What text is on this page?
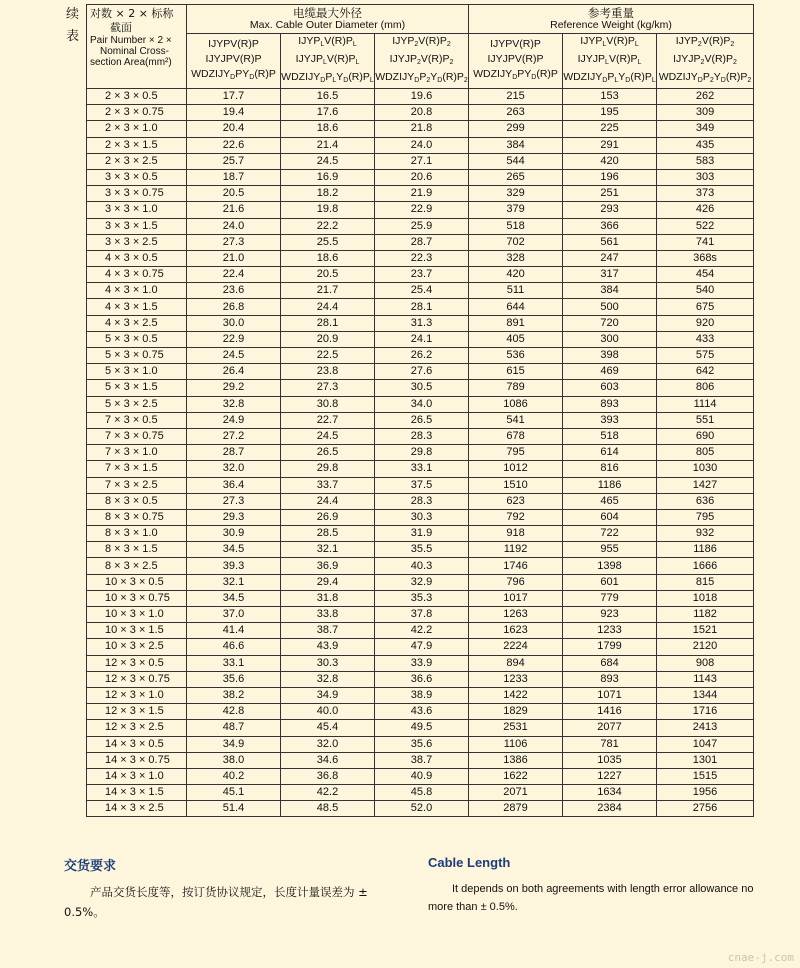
续
表
对数 × 2 × 标称
截面
Pair Number × 2 ×
Nominal Cross-
section Area(mm²)	电缆最大外径
Max. Cable Outer Diameter (mm)			参考重量
Reference Weight (kg/km)		

	IJYPV(R)P
IJYJPV(R)P
$WDZIJY_DPY_D(R)P$	$IJYP_LV(R)P_L$
$IJYJP_LV(R)P_L$
$WDZIJY_DP_LY_D(R)P_L$	$IJYP_2V(R)P_2$
$IJYJP_2V(R)P_2$
$WDZIJY_DP_2Y_D(R)P_2$	IJYPV(R)P
IJYJPV(R)P
$WDZIJY_DPY_D(R)P$	$IJYP_LV(R)P_L$
$IJYJP_LV(R)P_L$
$WDZIJY_DP_LY_D(R)P_L$	$IJYP_2V(R)P_2$
$IJYJP_2V(R)P_2$
$WDZIJY_DP_2Y_D(R)P_2$

2 × 3 × 0.5	17.7	16.5	19.6	215	153	262
2 × 3 × 0.75	19.4	17.6	20.8	263	195	309
2 × 3 × 1.0	20.4	18.6	21.8	299	225	349
2 × 3 × 1.5	22.6	21.4	24.0	384	291	435
2 × 3 × 2.5	25.7	24.5	27.1	544	420	583
3 × 3 × 0.5	18.7	16.9	20.6	265	196	303
3 × 3 × 0.75	20.5	18.2	21.9	329	251	373
3 × 3 × 1.0	21.6	19.8	22.9	379	293	426
3 × 3 × 1.5	24.0	22.2	25.9	518	366	522
3 × 3 × 2.5	27.3	25.5	28.7	702	561	741
4 × 3 × 0.5	21.0	18.6	22.3	328	247	368s
4 × 3 × 0.75	22.4	20.5	23.7	420	317	454
4 × 3 × 1.0	23.6	21.7	25.4	511	384	540
4 × 3 × 1.5	26.8	24.4	28.1	644	500	675
4 × 3 × 2.5	30.0	28.1	31.3	891	720	920
5 × 3 × 0.5	22.9	20.9	24.1	405	300	433
5 × 3 × 0.75	24.5	22.5	26.2	536	398	575
5 × 3 × 1.0	26.4	23.8	27.6	615	469	642
5 × 3 × 1.5	29.2	27.3	30.5	789	603	806
5 × 3 × 2.5	32.8	30.8	34.0	1086	893	1114
7 × 3 × 0.5	24.9	22.7	26.5	541	393	551
7 × 3 × 0.75	27.2	24.5	28.3	678	518	690
7 × 3 × 1.0	28.7	26.5	29.8	795	614	805
7 × 3 × 1.5	32.0	29.8	33.1	1012	816	1030
7 × 3 × 2.5	36.4	33.7	37.5	1510	1186	1427
8 × 3 × 0.5	27.3	24.4	28.3	623	465	636
8 × 3 × 0.75	29.3	26.9	30.3	792	604	795
8 × 3 × 1.0	30.9	28.5	31.9	918	722	932
8 × 3 × 1.5	34.5	32.1	35.5	1192	955	1186
8 × 3 × 2.5	39.3	36.9	40.3	1746	1398	1666
10 × 3 × 0.5	32.1	29.4	32.9	796	601	815
10 × 3 × 0.75	34.5	31.8	35.3	1017	779	1018
10 × 3 × 1.0	37.0	33.8	37.8	1263	923	1182
10 × 3 × 1.5	41.4	38.7	42.2	1623	1233	1521
10 × 3 × 2.5	46.6	43.9	47.9	2224	1799	2120
12 × 3 × 0.5	33.1	30.3	33.9	894	684	908
12 × 3 × 0.75	35.6	32.8	36.6	1233	893	1143
12 × 3 × 1.0	38.2	34.9	38.9	1422	1071	1344
12 × 3 × 1.5	42.8	40.0	43.6	1829	1416	1716
12 × 3 × 2.5	48.7	45.4	49.5	2531	2077	2413
14 × 3 × 0.5	34.9	32.0	35.6	1106	781	1047
14 × 3 × 0.75	38.0	34.6	38.7	1386	1035	1301
14 × 3 × 1.0	40.2	36.8	40.9	1622	1227	1515
14 × 3 × 1.5	45.1	42.2	45.8	2071	1634	1956
14 × 3 × 2.5	51.4	48.5	52.0	2879	2384	2756
交货要求
产品交货长度等，按订货协议规定，长度计量误差为 ± 0.5%。
Cable Length
It depends on both agreements with length error allowance no more than ± 0.5%.
cnae-j.com
